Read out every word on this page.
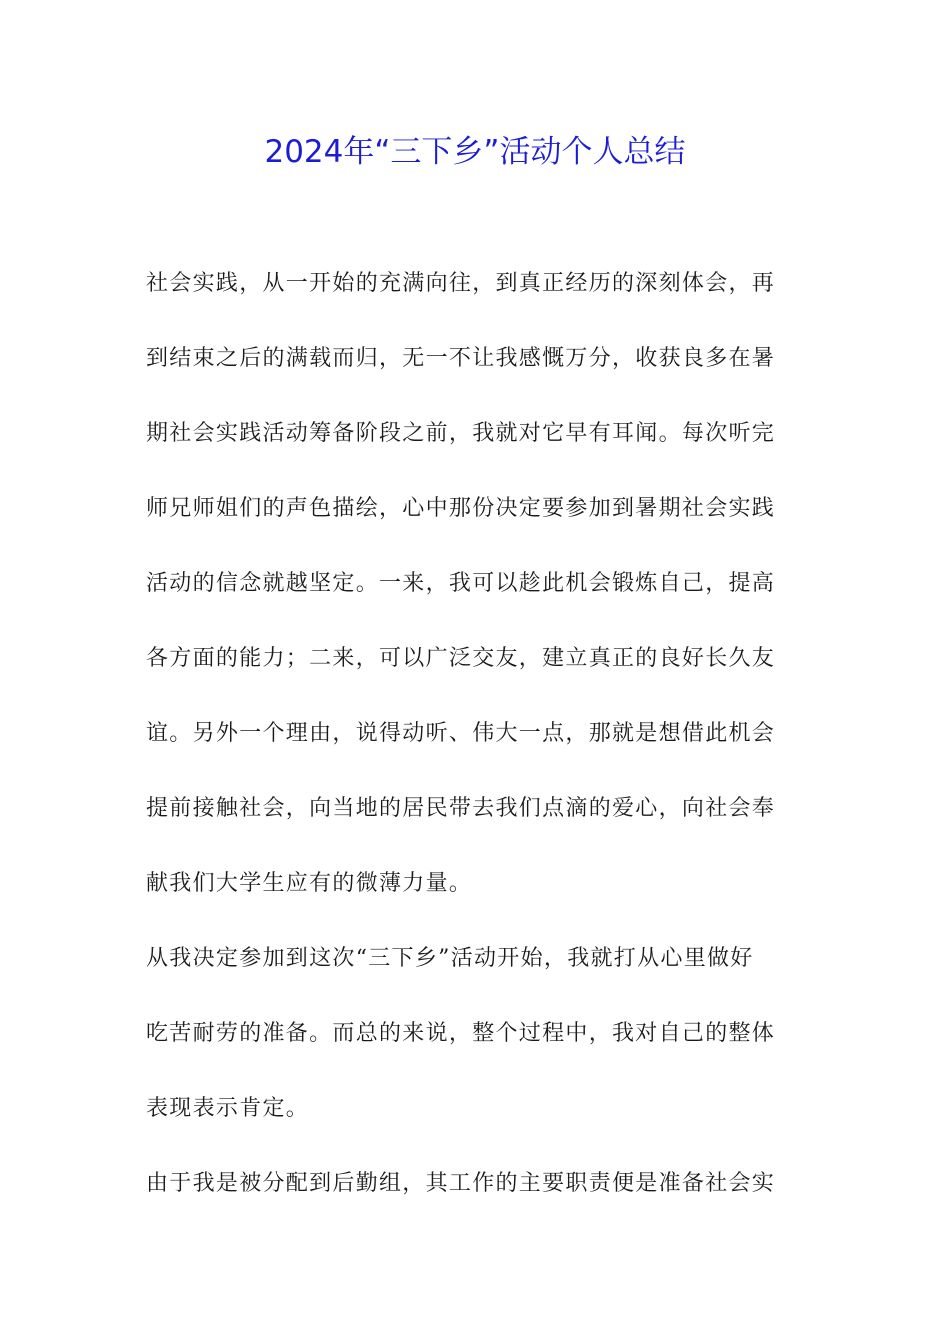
2024年“三下乡”活动个人总结
社会实践，从一开始的充满向往，到真正经历的深刻体会，再
到结束之后的满载而归，无一不让我感慨万分，收获良多在暑
期社会实践活动筹备阶段之前，我就对它早有耳闻。每次听完
师兄师姐们的声色描绘，心中那份决定要参加到暑期社会实践
活动的信念就越坚定。一来，我可以趁此机会锻炼自己，提高
各方面的能力；二来，可以广泛交友，建立真正的良好长久友
谊。另外一个理由，说得动听、伟大一点，那就是想借此机会
提前接触社会，向当地的居民带去我们点滴的爱心，向社会奉
献我们大学生应有的微薄力量。
从我决定参加到这次“三下乡”活动开始，我就打从心里做好
吃苦耐劳的准备。而总的来说，整个过程中，我对自己的整体
表现表示肯定。
由于我是被分配到后勤组，其工作的主要职责便是准备社会实
